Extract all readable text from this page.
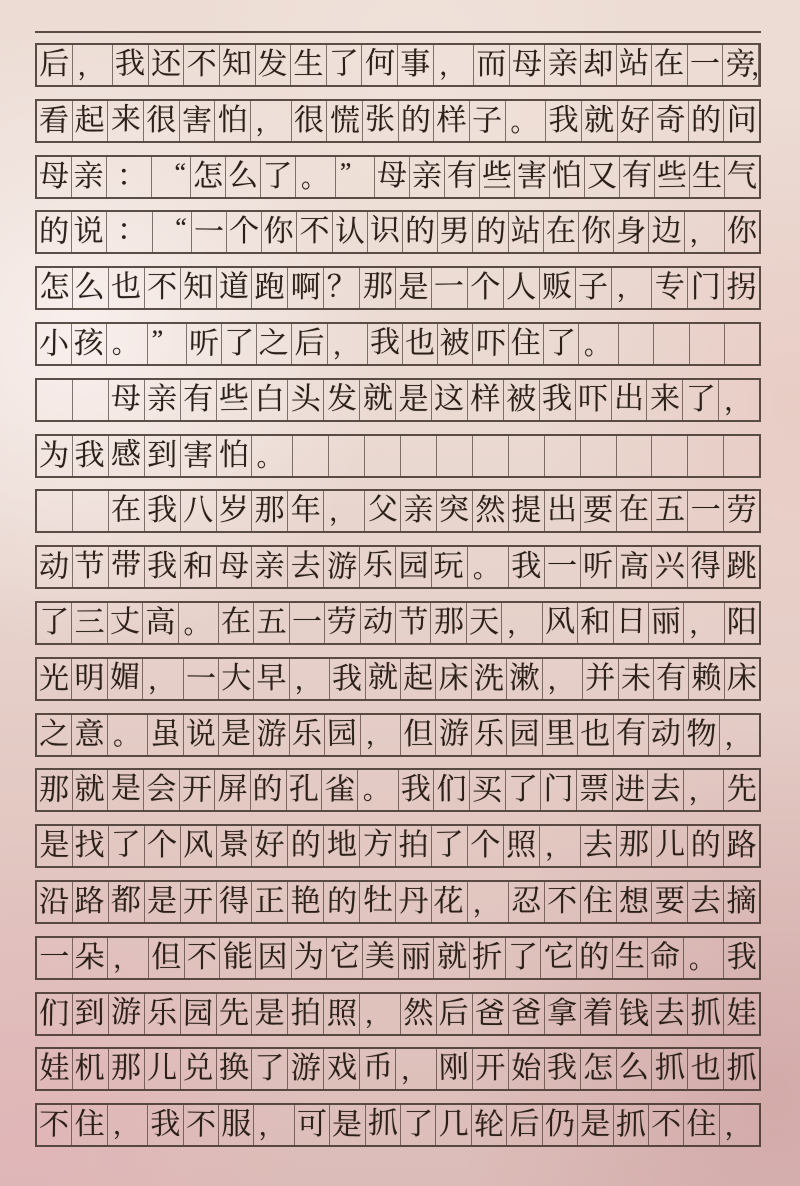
后 ， 我 还 不 知 发 生 了 何 事 ， 而 母 亲 却 站 在 一 旁
，
看 起 来 很 害 怕 ， 很 慌 张 的 样 子 。 我 就 好 奇 的 问
母 亲 ： “ 怎 么 了 。 ” 母 亲 有 些 害 怕 又 有 些 生 气
的 说 ： “ 一 个 你 不 认 识 的 男 的 站 在 你 身 边 ， 你
怎 么 也 不 知 道 跑 啊 ？ 那 是 一 个 人 贩 子 ， 专 门 拐
小 孩 。 ” 听 了 之 后 ， 我 也 被 吓 住 了 。
母 亲 有 些 白 头 发 就 是 这 样 被 我 吓 出 来 了 ，
为 我 感 到 害 怕 。
在 我 八 岁 那 年 ， 父 亲 突 然 提 出 要 在 五 一 劳
动 节 带 我 和 母 亲 去 游 乐 园 玩 。 我 一 听 高 兴 得 跳
了 三 丈 高 。 在 五 一 劳 动 节 那 天 ， 风 和 日 丽 ， 阳
光 明 媚 ， 一 大 早 ， 我 就 起 床 洗 漱 ， 并 未 有 赖 床
之 意 。 虽 说 是 游 乐 园 ， 但 游 乐 园 里 也 有 动 物 ，
那 就 是 会 开 屏 的 孔 雀 。 我 们 买 了 门 票 进 去 ， 先
是 找 了 个 风 景 好 的 地 方 拍 了 个 照 ， 去 那 儿 的 路
沿 路 都 是 开 得 正 艳 的 牡 丹 花 ， 忍 不 住 想 要 去 摘
一 朵 ， 但 不 能 因 为 它 美 丽 就 折 了 它 的 生 命 。 我
们 到 游 乐 园 先 是 拍 照 ， 然 后 爸 爸 拿 着 钱 去 抓 娃
娃 机 那 儿 兑 换 了 游 戏 币 ， 刚 开 始 我 怎 么 抓 也 抓
不 住 ， 我 不 服 ， 可 是 抓 了 几 轮 后 仍 是 抓 不 住 ，
